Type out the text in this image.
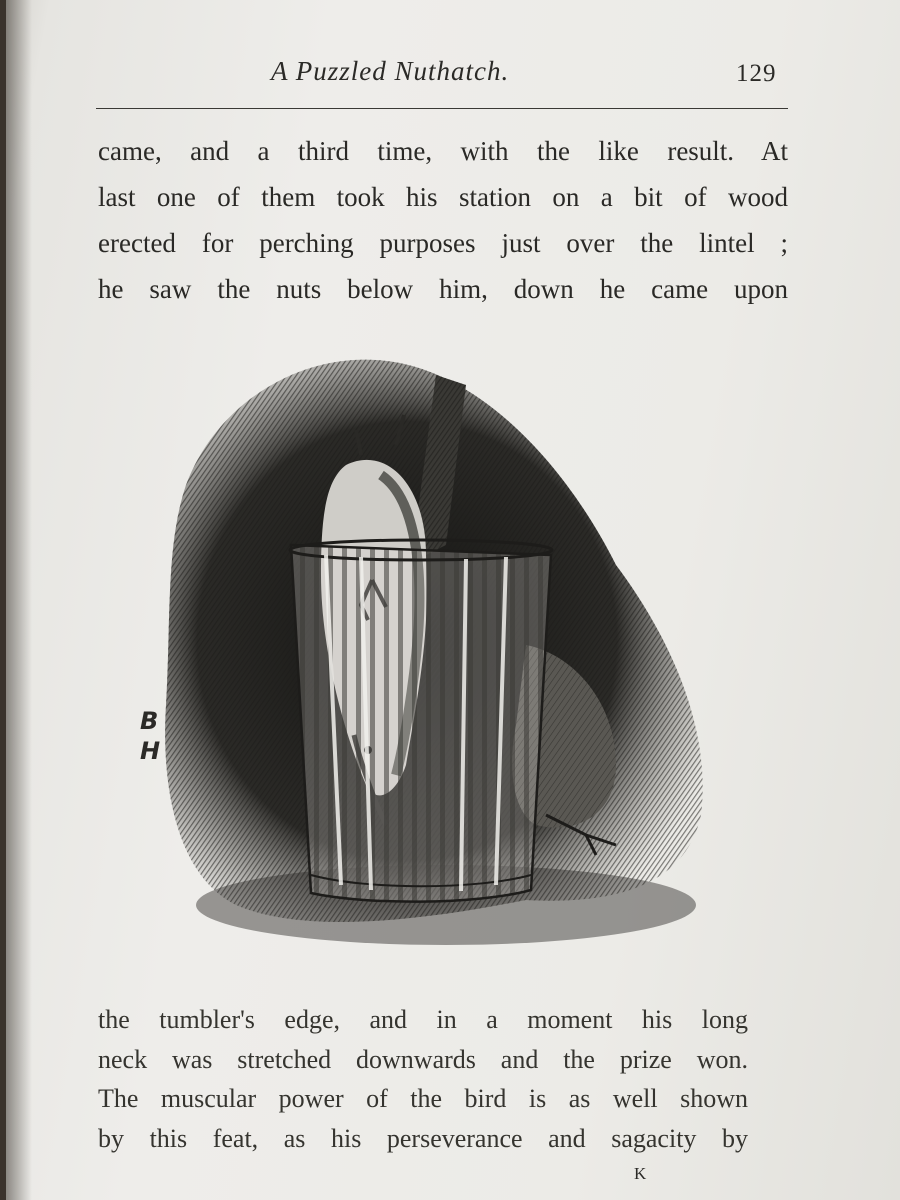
A Puzzled Nuthatch.	129
came, and a third time, with the like result. At
last one of them took his station on a bit of wood
erected for perching purposes just over the lintel ;
he saw the nuts below him, down he came upon
B
H
the tumbler's edge, and in a moment his long
neck was stretched downwards and the prize won.
The muscular power of the bird is as well shown
by this feat, as his perseverance and sagacity by
K
